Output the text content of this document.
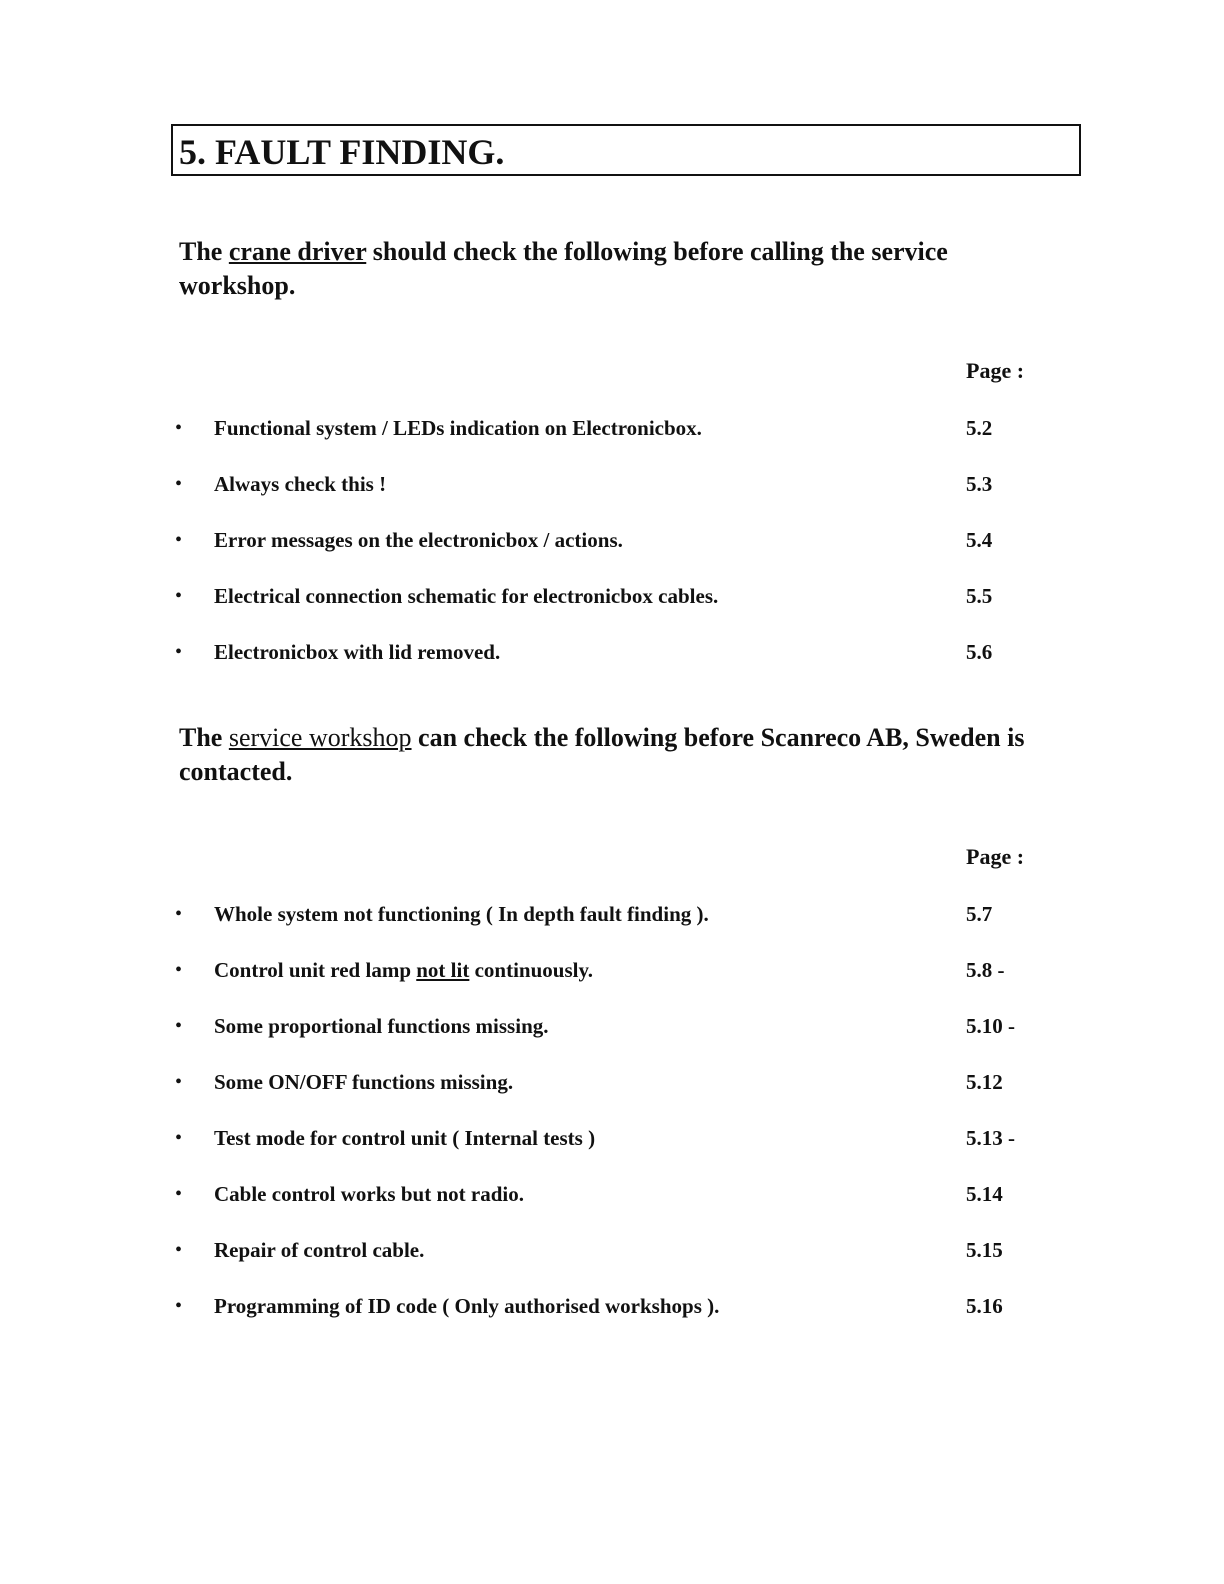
5. FAULT FINDING.
The crane driver should check the following before calling the service workshop.
Page :
• Functional system / LEDs indication on Electronicbox.	5.2
• Always check this !	5.3
• Error messages on the electronicbox / actions.	5.4
• Electrical connection schematic for electronicbox cables.	5.5
• Electronicbox with lid removed.	5.6
The service workshop can check the following before Scanreco AB, Sweden is contacted.
Page :
• Whole system not functioning ( In depth fault finding ).	5.7
• Control unit red lamp not lit continuously.	5.8 -
• Some proportional functions missing.	5.10 -
• Some ON/OFF functions missing.	5.12
• Test mode for control unit ( Internal tests )	5.13 -
• Cable control works but not radio.	5.14
• Repair of control cable.	5.15
• Programming of ID code ( Only authorised workshops ).	5.16
